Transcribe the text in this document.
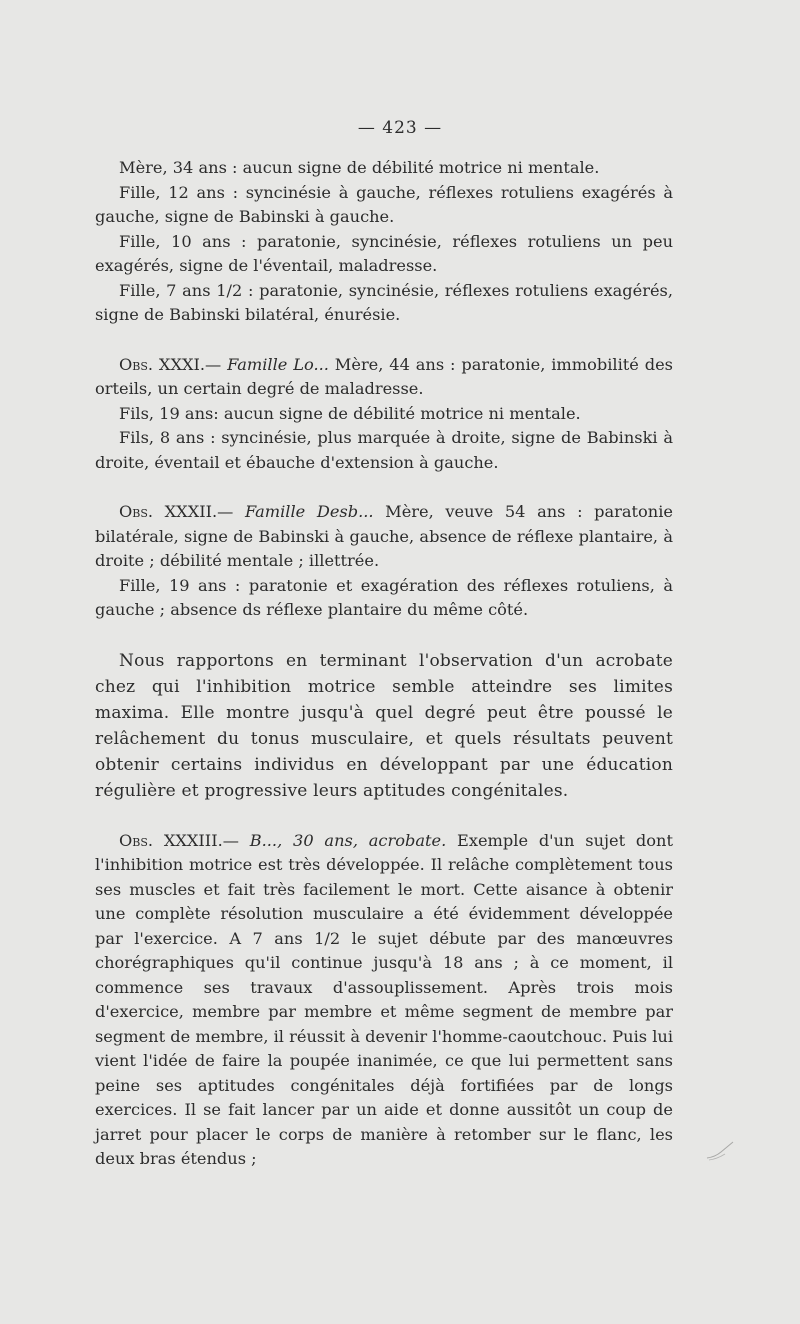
— 423 —

Mère, 34 ans : aucun signe de débilité motrice ni mentale.

Fille, 12 ans : syncinésie à gauche, réflexes rotuliens exagérés à gauche, signe de Babinski à gauche.

Fille, 10 ans : paratonie, syncinésie, réflexes rotuliens un peu exagérés, signe de l'éventail, maladresse.

Fille, 7 ans 1/2 : paratonie, syncinésie, réflexes rotuliens exagérés, signe de Babinski bilatéral, énurésie.

Obs. XXXI.— Famille Lo... Mère, 44 ans : paratonie, immobilité des orteils, un certain degré de maladresse.

Fils, 19 ans: aucun signe de débilité motrice ni mentale.

Fils, 8 ans : syncinésie, plus marquée à droite, signe de Babinski à droite, éventail et ébauche d'extension à gauche.

Obs. XXXII.— Famille Desb... Mère, veuve 54 ans : paratonie bilatérale, signe de Babinski à gauche, absence de réflexe plantaire, à droite ; débilité mentale ; illettrée.

Fille, 19 ans : paratonie et exagération des réflexes rotuliens, à gauche ; absence ds réflexe plantaire du même côté.

Nous rapportons en terminant l'observation d'un acrobate chez qui l'inhibition motrice semble atteindre ses limites maxima. Elle montre jusqu'à quel degré peut être poussé le relâchement du tonus musculaire, et quels résultats peuvent obtenir certains individus en développant par une éducation régulière et progressive leurs aptitudes congénitales.

Obs. XXXIII.— B..., 30 ans, acrobate. Exemple d'un sujet dont l'inhibition motrice est très développée. Il relâche complètement tous ses muscles et fait très facilement le mort. Cette aisance à obtenir une complète résolution musculaire a été évidemment développée par l'exercice. A 7 ans 1/2 le sujet débute par des manœuvres chorégraphiques qu'il continue jusqu'à 18 ans ; à ce moment, il commence ses travaux d'assouplissement. Après trois mois d'exercice, membre par membre et même segment de membre par segment de membre, il réussit à devenir l'homme-caoutchouc. Puis lui vient l'idée de faire la poupée inanimée, ce que lui permettent sans peine ses aptitudes congénitales déjà fortifiées par de longs exercices. Il se fait lancer par un aide et donne aussitôt un coup de jarret pour placer le corps de manière à retomber sur le flanc, les deux bras étendus ;
